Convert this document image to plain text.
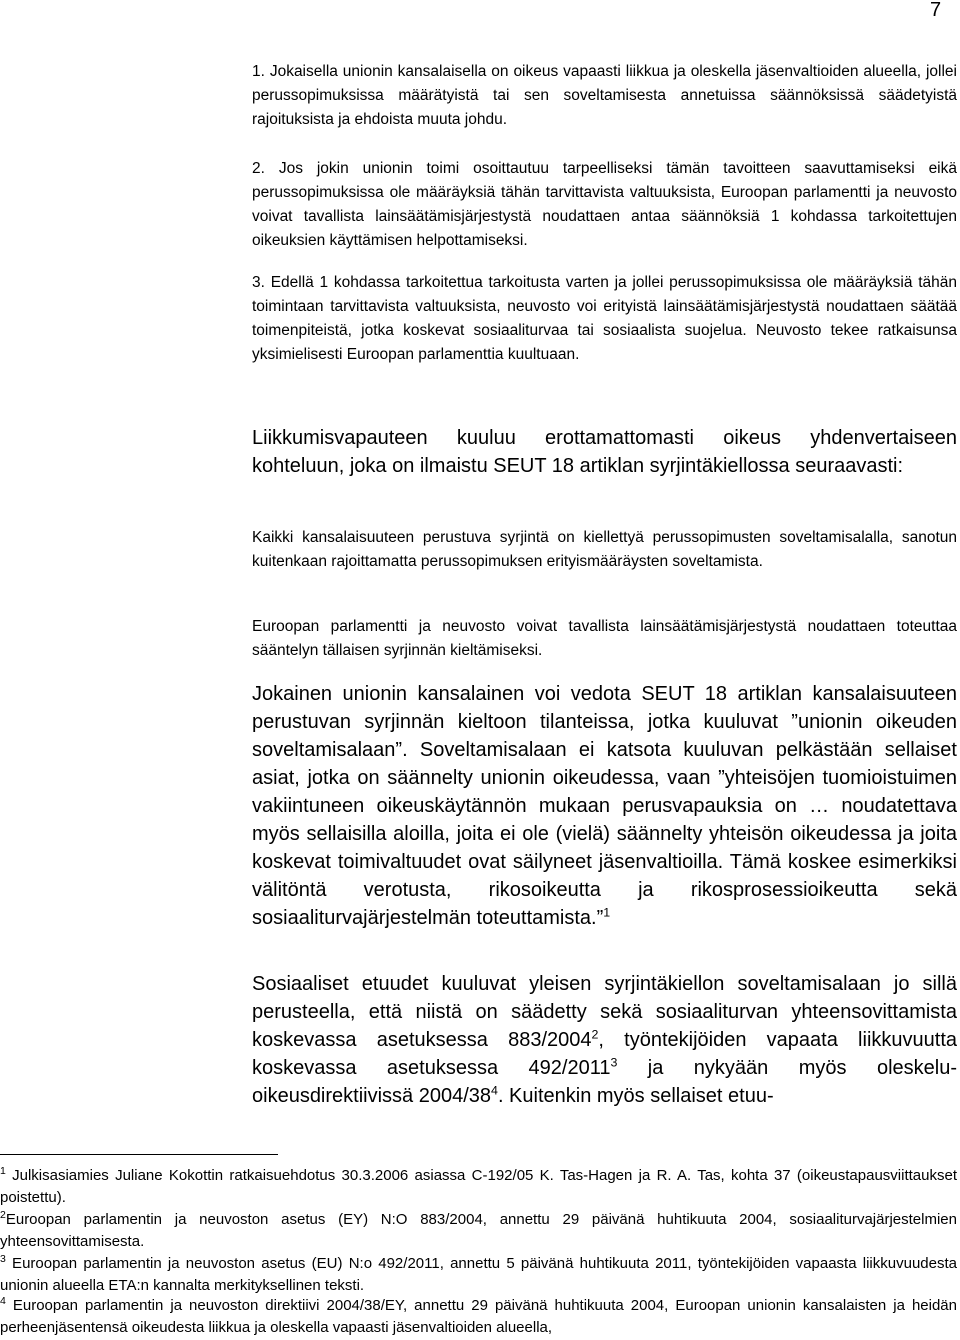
7

1. Jokaisella unionin kansalaisella on oikeus vapaasti liikkua ja oleskella jäsenvaltioiden alueella, jollei perussopimuksissa määrätyistä tai sen soveltamisesta annetuissa säännöksissä säädetyistä rajoituksista ja ehdoista muuta johdu.

2. Jos jokin unionin toimi osoittautuu tarpeelliseksi tämän tavoitteen saavuttamiseksi eikä perussopimuksissa ole määräyksiä tähän tarvittavista valtuuksista, Euroopan parlamentti ja neuvosto voivat tavallista lainsäätämisjärjestystä noudattaen antaa säännöksiä 1 kohdassa tarkoitettujen oikeuksien käyttämisen helpottamiseksi.

3. Edellä 1 kohdassa tarkoitettua tarkoitusta varten ja jollei perussopimuksissa ole määräyksiä tähän toimintaan tarvittavista valtuuksista, neuvosto voi erityistä lainsäätämisjärjestystä noudattaen säätää toimenpiteistä, jotka koskevat sosiaaliturvaa tai sosiaalista suojelua. Neuvosto tekee ratkaisunsa yksimielisesti Euroopan parlamenttia kuultuaan.

Liikkumisvapauteen kuuluu erottamattomasti oikeus yhdenvertaiseen kohteluun, joka on ilmaistu SEUT 18 artiklan syrjintäkiellossa seuraavasti:

Kaikki kansalaisuuteen perustuva syrjintä on kiellettyä perussopimusten soveltamisalalla, sanotun kuitenkaan rajoittamatta perussopimuksen erityismääräysten soveltamista.

Euroopan parlamentti ja neuvosto voivat tavallista lainsäätämisjärjestystä noudattaen toteuttaa sääntelyn tällaisen syrjinnän kieltämiseksi.

Jokainen unionin kansalainen voi vedota SEUT 18 artiklan kansalaisuuteen perustuvan syrjinnän kieltoon tilanteissa, jotka kuuluvat ”unionin oikeuden soveltamisalaan”. Soveltamisalaan ei katsota kuuluvan pelkästään sellaiset asiat, jotka on säännelty unionin oikeudessa, vaan ”yhteisöjen tuomioistuimen vakiintuneen oikeuskäytännön mukaan perusvapauksia on … noudatettava myös sellaisilla aloilla, joita ei ole (vielä) säännelty yhteisön oikeudessa ja joita koskevat toimivaltuudet ovat säilyneet jäsenvaltioilla. Tämä koskee esimerkiksi välitöntä verotusta, rikosoikeutta ja rikosprosessioikeutta sekä sosiaaliturvajärjestelmän toteuttamista.”$^1$

Sosiaaliset etuudet kuuluvat yleisen syrjintäkiellon soveltamisalaan jo sillä perusteella, että niistä on säädetty sekä sosiaaliturvan yhteensovittamista koskevassa asetuksessa 883/2004$^2$, työntekijöiden vapaata liikkuvuutta koskevassa asetuksessa 492/2011$^3$ ja nykyään myös oleskelu-oikeusdirektiivissä $2004/38^4$. Kuitenkin myös sellaiset etuu-

$^1$ Julkisasiamies Juliane Kokottin ratkaisuehdotus 30.3.2006 asiassa C-192/05 K. Tas-Hagen ja R. A. Tas, kohta 37 (oikeustapausviittaukset poistettu).

$^2$Euroopan parlamentin ja neuvoston asetus (EY) N:O 883/2004, annettu 29 päivänä huhtikuuta 2004, sosiaaliturvajärjestelmien yhteensovittamisesta.

$^3$ Euroopan parlamentin ja neuvoston asetus (EU) N:o 492/2011, annettu 5 päivänä huhtikuuta 2011, työntekijöiden vapaasta liikkuvuudesta unionin alueella ETA:n kannalta merkityksellinen teksti.

$^4$ Euroopan parlamentin ja neuvoston direktiivi 2004/38/EY, annettu 29 päivänä huhtikuuta 2004, Euroopan unionin kansalaisten ja heidän perheenjäsentensä oikeudesta liikkua ja oleskella vapaasti jäsenvaltioiden alueella,
